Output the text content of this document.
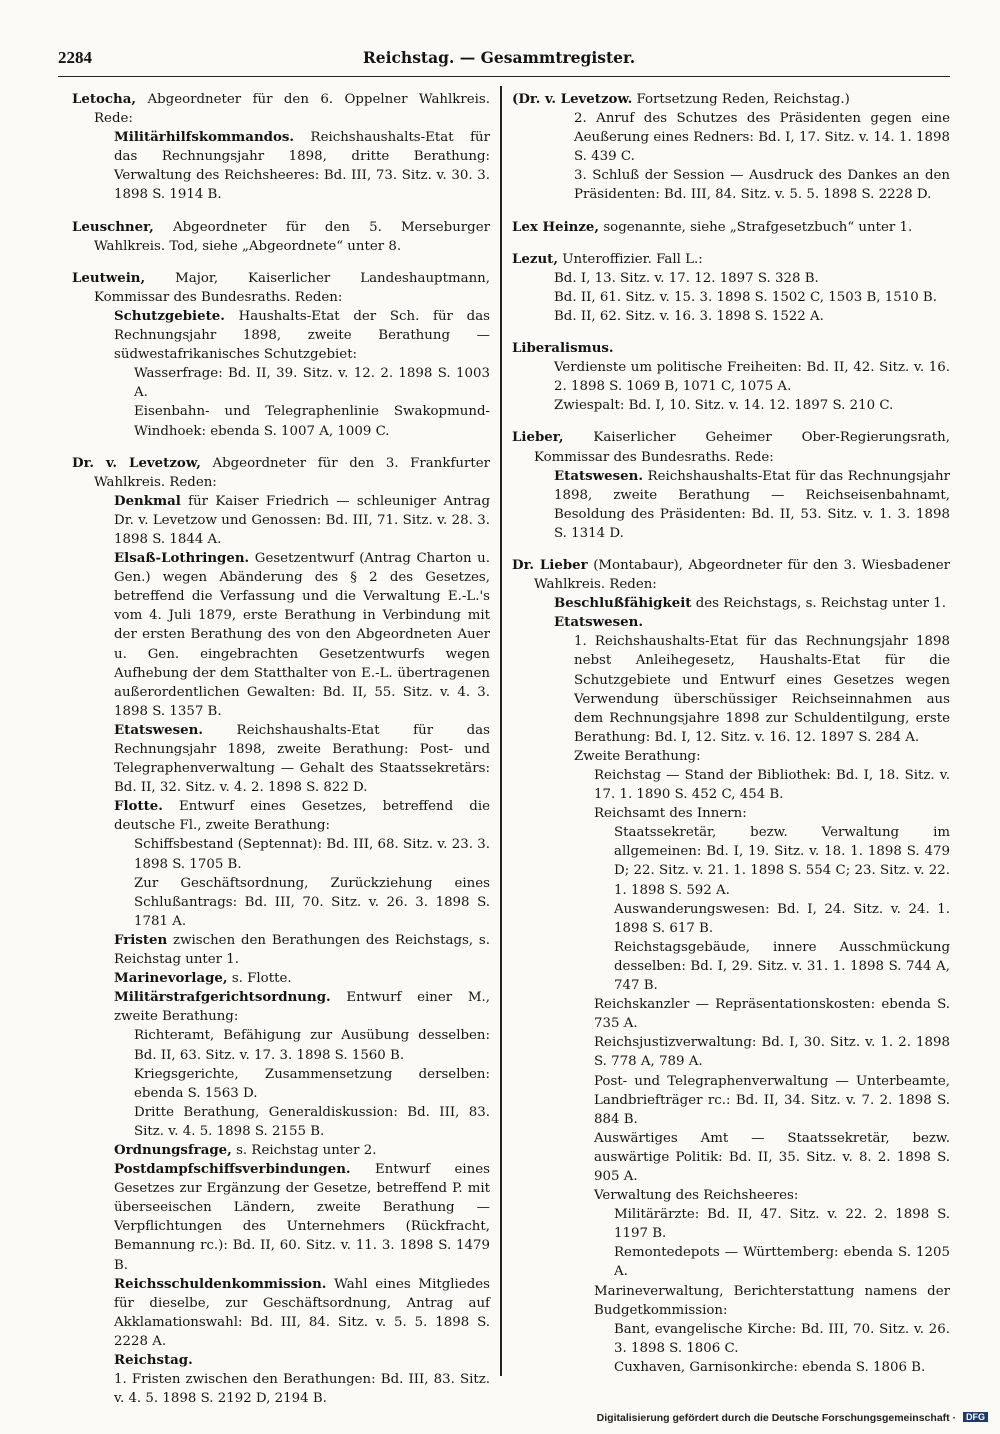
2284	Reichstag. — Gesammtregister.
Letocha, Abgeordneter für den 6. Oppelner Wahlkreis. Rede:
Militärhilfskommandos. Reichshaushalts-Etat für das Rechnungsjahr 1898, dritte Berathung: Verwaltung des Reichsheeres: Bd. III, 73. Sitz. v. 30. 3. 1898 S. 1914 B.
Leuschner, Abgeordneter für den 5. Merseburger Wahlkreis. Tod, siehe „Abgeordnete“ unter 8.
Leutwein, Major, Kaiserlicher Landeshauptmann, Kommissar des Bundesraths. Reden:
Schutzgebiete. Haushalts-Etat der Sch. für das Rechnungsjahr 1898, zweite Berathung — südwestafrikanisches Schutzgebiet:
Wasserfrage: Bd. II, 39. Sitz. v. 12. 2. 1898 S. 1003 A.
Eisenbahn- und Telegraphenlinie Swakopmund-Windhoek: ebenda S. 1007 A, 1009 C.
Dr. v. Levetzow, Abgeordneter für den 3. Frankfurter Wahlkreis. Reden:
Denkmal für Kaiser Friedrich — schleuniger Antrag Dr. v. Levetzow und Genossen: Bd. III, 71. Sitz. v. 28. 3. 1898 S. 1844 A.
Elsaß-Lothringen. Gesetzentwurf (Antrag Charton u. Gen.) wegen Abänderung des § 2 des Gesetzes, betreffend die Verfassung und die Verwaltung E.-L.'s vom 4. Juli 1879, erste Berathung in Verbindung mit der ersten Berathung des von den Abgeordneten Auer u. Gen. eingebrachten Gesetzentwurfs wegen Aufhebung der dem Statthalter von E.-L. übertragenen außerordentlichen Gewalten: Bd. II, 55. Sitz. v. 4. 3. 1898 S. 1357 B.
Etatswesen.	Reichshaushalts-Etat für das Rechnungsjahr 1898, zweite Berathung: Post- und Telegraphenverwaltung — Gehalt des Staatssekretärs: Bd. II, 32. Sitz. v. 4. 2. 1898 S. 822 D.
Flotte. Entwurf eines Gesetzes, betreffend die deutsche Fl., zweite Berathung:
Schiffsbestand (Septennat): Bd. III, 68. Sitz. v. 23. 3. 1898 S. 1705 B.
Zur Geschäftsordnung, Zurückziehung eines Schlußantrags: Bd. III, 70. Sitz. v. 26. 3. 1898 S. 1781 A.
Fristen zwischen den Berathungen des Reichstags, s. Reichstag unter 1.
Marinevorlage, s. Flotte.
Militärstrafgerichtsordnung. Entwurf einer M., zweite Berathung:
Richteramt, Befähigung zur Ausübung desselben: Bd. II, 63. Sitz. v. 17. 3. 1898 S. 1560 B.
Kriegsgerichte, Zusammensetzung derselben: ebenda S. 1563 D.
Dritte Berathung, Generaldiskussion: Bd. III, 83. Sitz. v. 4. 5. 1898 S. 2155 B.
Ordnungsfrage, s. Reichstag unter 2.
Postdampfschiffsverbindungen. Entwurf eines Gesetzes zur Ergänzung der Gesetze, betreffend P. mit überseeischen Ländern, zweite Berathung — Verpflichtungen des Unternehmers (Rückfracht, Bemannung rc.): Bd. II, 60. Sitz. v. 11. 3. 1898 S. 1479 B.
Reichsschuldenkommission. Wahl eines Mitgliedes für dieselbe, zur Geschäftsordnung, Antrag auf Akklamationswahl: Bd. III, 84. Sitz. v. 5. 5. 1898 S. 2228 A.
Reichstag.
1. Fristen zwischen den Berathungen: Bd. III, 83. Sitz. v. 4. 5. 1898 S. 2192 D, 2194 B.
(Dr. v. Levetzow. Fortsetzung Reden, Reichstag.)
2. Anruf des Schutzes des Präsidenten gegen eine Aeußerung eines Redners: Bd. I, 17. Sitz. v. 14. 1. 1898 S. 439 C.
3. Schluß der Session — Ausdruck des Dankes an den Präsidenten: Bd. III, 84. Sitz. v. 5. 5. 1898 S. 2228 D.
Lex Heinze, sogenannte, siehe „Strafgesetzbuch“ unter 1.
Lezut, Unteroffizier. Fall L.:
Bd. I, 13. Sitz. v. 17. 12. 1897 S. 328 B.
Bd. II, 61. Sitz. v. 15. 3. 1898 S. 1502 C, 1503 B, 1510 B.
Bd. II, 62. Sitz. v. 16. 3. 1898 S. 1522 A.
Liberalismus.
Verdienste um politische Freiheiten: Bd. II, 42. Sitz. v. 16. 2. 1898 S. 1069 B, 1071 C, 1075 A.
Zwiespalt: Bd. I, 10. Sitz. v. 14. 12. 1897 S. 210 C.
Lieber, Kaiserlicher Geheimer Ober-Regierungsrath, Kommissar des Bundesraths. Rede:
Etatswesen. Reichshaushalts-Etat für das Rechnungsjahr 1898, zweite Berathung — Reichseisenbahnamt, Besoldung des Präsidenten: Bd. II, 53. Sitz. v. 1. 3. 1898 S. 1314 D.
Dr. Lieber (Montabaur), Abgeordneter für den 3. Wiesbadener Wahlkreis. Reden:
Beschlußfähigkeit des Reichstags, s. Reichstag unter 1.
Etatswesen.
1. Reichshaushalts-Etat für das Rechnungsjahr 1898 nebst Anleihegesetz, Haushalts-Etat für die Schutzgebiete und Entwurf eines Gesetzes wegen Verwendung überschüssiger Reichseinnahmen aus dem Rechnungsjahre 1898 zur Schuldentilgung, erste Berathung: Bd. I, 12. Sitz. v. 16. 12. 1897 S. 284 A.
Zweite Berathung:
Reichstag — Stand der Bibliothek: Bd. I, 18. Sitz. v. 17. 1. 1890 S. 452 C, 454 B.
Reichsamt des Innern:
Staatssekretär, bezw. Verwaltung im allgemeinen: Bd. I, 19. Sitz. v. 18. 1. 1898 S. 479 D; 22. Sitz. v. 21. 1. 1898 S. 554 C; 23. Sitz. v. 22. 1. 1898 S. 592 A.
Auswanderungswesen: Bd. I, 24. Sitz. v. 24. 1. 1898 S. 617 B.
Reichstagsgebäude, innere Ausschmückung desselben: Bd. I, 29. Sitz. v. 31. 1. 1898 S. 744 A, 747 B.
Reichskanzler — Repräsentationskosten: ebenda S. 735 A.
Reichsjustizverwaltung: Bd. I, 30. Sitz. v. 1. 2. 1898 S. 778 A, 789 A.
Post- und Telegraphenverwaltung — Unterbeamte, Landbriefträger rc.: Bd. II, 34. Sitz. v. 7. 2. 1898 S. 884 B.
Auswärtiges Amt — Staatssekretär, bezw. auswärtige Politik: Bd. II, 35. Sitz. v. 8. 2. 1898 S. 905 A.
Verwaltung des Reichsheeres:
Militärärzte: Bd. II, 47. Sitz. v. 22. 2. 1898 S. 1197 B.
Remontedepots — Württemberg: ebenda S. 1205 A.
Marineverwaltung, Berichterstattung namens der Budgetkommission:
Bant, evangelische Kirche: Bd. III, 70. Sitz. v. 26. 3. 1898 S. 1806 C.
Cuxhaven, Garnisonkirche: ebenda S. 1806 B.
Digitalisierung gefördert durch die Deutsche Forschungsgemeinschaft · DFG
